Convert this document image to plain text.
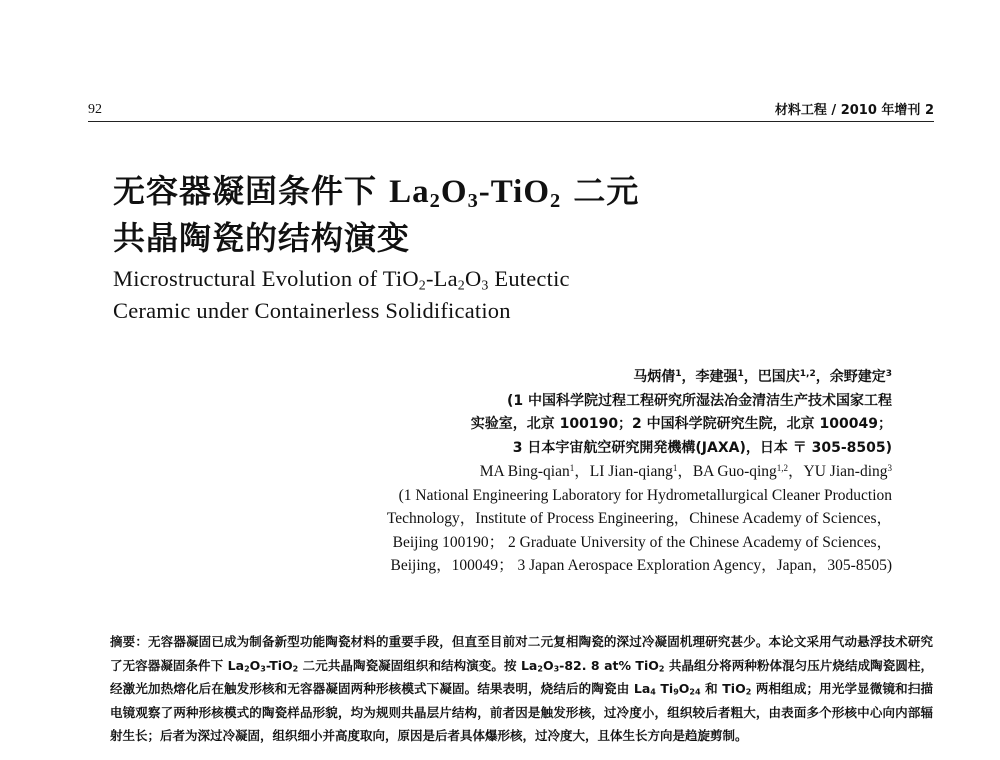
92	材料工程 / 2010 年增刊 2
无容器凝固条件下 $La_2O_3-TiO_2$ 二元
共晶陶瓷的结构演变
Microstructural Evolution of $TiO_2-La_2O_3$ Eutectic
Ceramic under Containerless Solidification
马炳倩$^1$，李建强$^1$，巴国庆$^{1,2}$，余野建定$^3$
(1 中国科学院过程工程研究所湿法冶金清洁生产技术国家工程
实验室，北京 100190；2 中国科学院研究生院，北京 100049；
3 日本宇宙航空研究開発機構(JAXA)，日本 〒 305-8505)
MA Bing-qian$^1$，LI Jian-qiang$^1$，BA Guo-qing$^{1,2}$，YU Jian-ding$^3$
(1 National Engineering Laboratory for Hydrometallurgical Cleaner Production
Technology，Institute of Process Engineering，Chinese Academy of Sciences，
Beijing 100190； 2 Graduate University of the Chinese Academy of Sciences，
Beijing，100049； 3 Japan Aerospace Exploration Agency，Japan，305-8505)
摘要：无容器凝固已成为制备新型功能陶瓷材料的重要手段，但直至目前对二元复相陶瓷的深过冷凝固机理研究甚少。本论文采用气动悬浮技术研究了无容器凝固条件下 $La_2O_3-TiO_2$ 二元共晶陶瓷凝固组织和结构演变。按 $La_2O_3-82$. 8 at% TiO$_2$ 共晶组分将两种粉体混匀压片烧结成陶瓷圆柱，经激光加热熔化后在触发形核和无容器凝固两种形核模式下凝固。结果表明，烧结后的陶瓷由 $La_4$ $Ti_9O_{24}$ 和 TiO$_2$ 两相组成；用光学显微镜和扫描电镜观察了两种形核模式的陶瓷样品形貌，均为规则共晶层片结构，前者因是触发形核，过冷度小，组织较后者粗大，由表面多个形核中心向内部辐射生长；后者为深过冷凝固，组织细小并高度取向，原因是后者具体爆形核，过冷度大，且体生长方向是趋旋剪制。
